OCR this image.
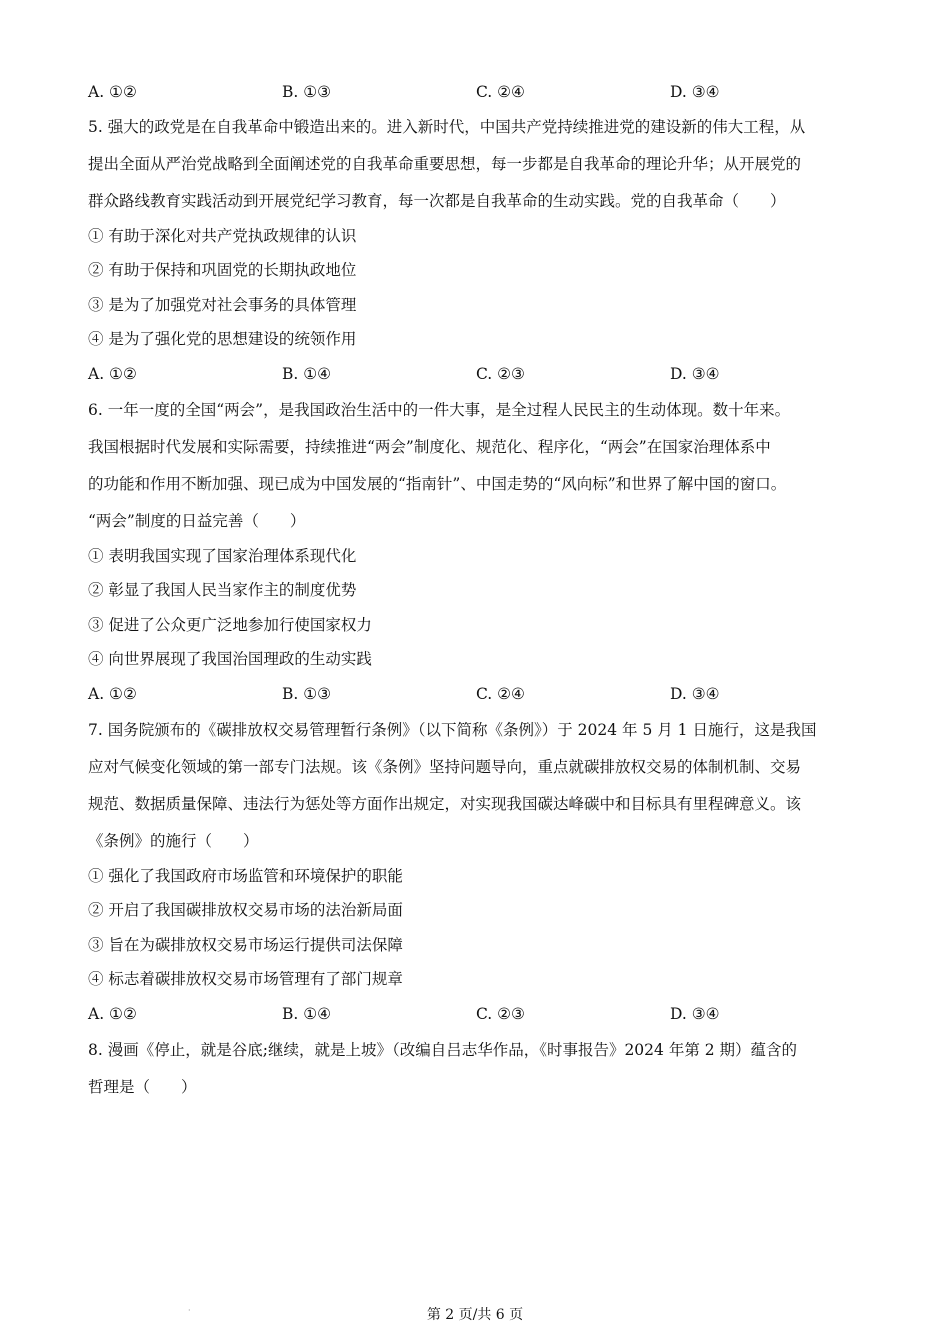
A. ①②	B. ①③	C. ②④	D. ③④
5. 强大的政党是在自我革命中锻造出来的。进入新时代，中国共产党持续推进党的建设新的伟大工程，从
提出全面从严治党战略到全面阐述党的自我革命重要思想，每一步都是自我革命的理论升华；从开展党的
群众路线教育实践活动到开展党纪学习教育，每一次都是自我革命的生动实践。党的自我革命（　　）
① 有助于深化对共产党执政规律的认识
② 有助于保持和巩固党的长期执政地位
③ 是为了加强党对社会事务的具体管理
④ 是为了强化党的思想建设的统领作用
A. ①②	B. ①④	C. ②③	D. ③④
6. 一年一度的全国“两会”，是我国政治生活中的一件大事，是全过程人民民主的生动体现。数十年来。
我国根据时代发展和实际需要，持续推进“两会”制度化、规范化、程序化，“两会”在国家治理体系中
的功能和作用不断加强、现已成为中国发展的“指南针”、中国走势的“风向标”和世界了解中国的窗口。
“两会”制度的日益完善（　　）
① 表明我国实现了国家治理体系现代化
② 彰显了我国人民当家作主的制度优势
③ 促进了公众更广泛地参加行使国家权力
④ 向世界展现了我国治国理政的生动实践
A. ①②	B. ①③	C. ②④	D. ③④
7. 国务院颁布的《碳排放权交易管理暂行条例》（以下简称《条例》）于 2024 年 5 月 1 日施行，这是我国
应对气候变化领域的第一部专门法规。该《条例》坚持问题导向，重点就碳排放权交易的体制机制、交易
规范、数据质量保障、违法行为惩处等方面作出规定，对实现我国碳达峰碳中和目标具有里程碑意义。该
《条例》的施行（　　）
① 强化了我国政府市场监管和环境保护的职能
② 开启了我国碳排放权交易市场的法治新局面
③ 旨在为碳排放权交易市场运行提供司法保障
④ 标志着碳排放权交易市场管理有了部门规章
A. ①②	B. ①④	C. ②③	D. ③④
8. 漫画《停止，就是谷底;继续，就是上坡》（改编自吕志华作品，《时事报告》2024 年第 2 期）蕴含的
哲理是（　　）
·	第 2 页/共 6 页
